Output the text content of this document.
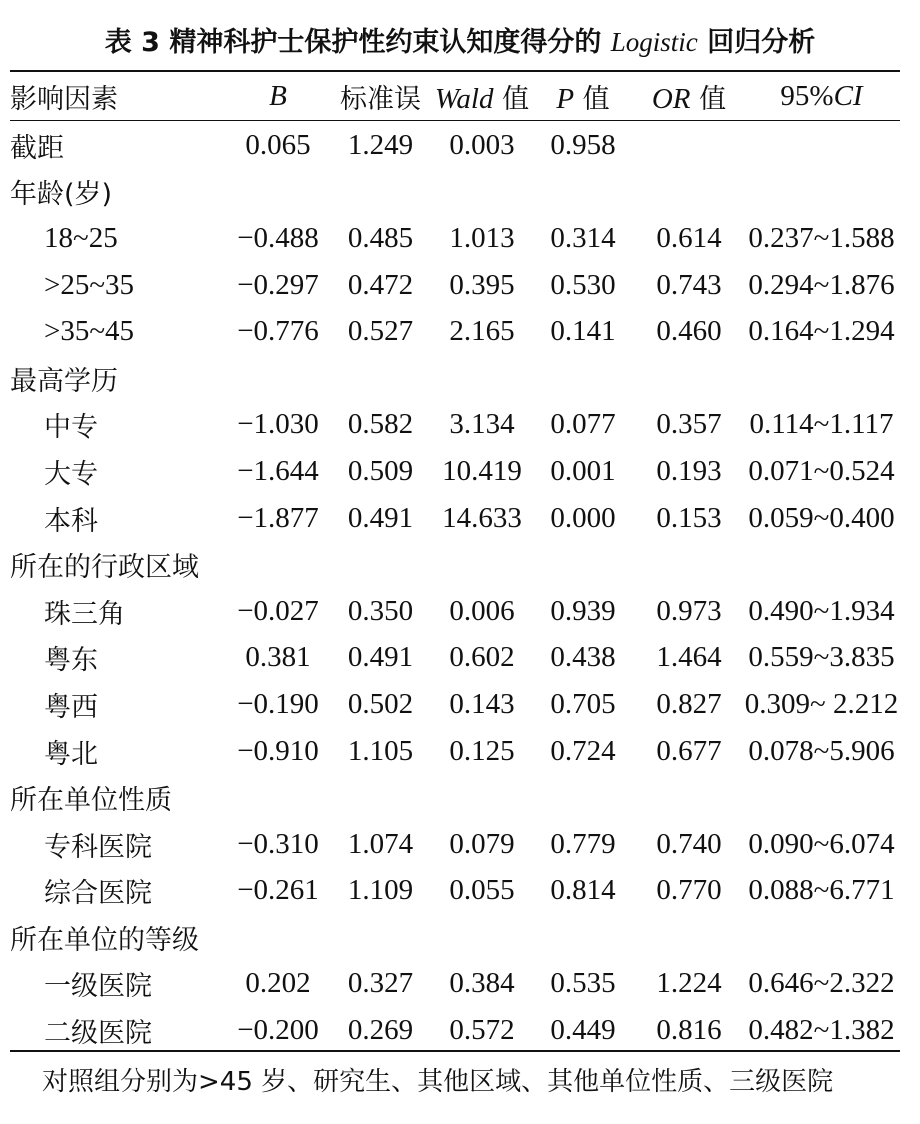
表 3 精神科护士保护性约束认知度得分的 Logistic 回归分析
影响因素	B	标准误	Wald 值	P 值	OR 值	95%CI
截距	0.065	1.249	0.003	0.958		
年龄(岁)						
18~25	−0.488	0.485	1.013	0.314	0.614	0.237~1.588
>25~35	−0.297	0.472	0.395	0.530	0.743	0.294~1.876
>35~45	−0.776	0.527	2.165	0.141	0.460	0.164~1.294
最高学历						
中专	−1.030	0.582	3.134	0.077	0.357	0.114~1.117
大专	−1.644	0.509	10.419	0.001	0.193	0.071~0.524
本科	−1.877	0.491	14.633	0.000	0.153	0.059~0.400
所在的行政区域						
珠三角	−0.027	0.350	0.006	0.939	0.973	0.490~1.934
粤东	0.381	0.491	0.602	0.438	1.464	0.559~3.835
粤西	−0.190	0.502	0.143	0.705	0.827	0.309~ 2.212
粤北	−0.910	1.105	0.125	0.724	0.677	0.078~5.906
所在单位性质						
专科医院	−0.310	1.074	0.079	0.779	0.740	0.090~6.074
综合医院	−0.261	1.109	0.055	0.814	0.770	0.088~6.771
所在单位的等级						
一级医院	0.202	0.327	0.384	0.535	1.224	0.646~2.322
二级医院	−0.200	0.269	0.572	0.449	0.816	0.482~1.382
对照组分别为>45 岁、研究生、其他区域、其他单位性质、三级医院
